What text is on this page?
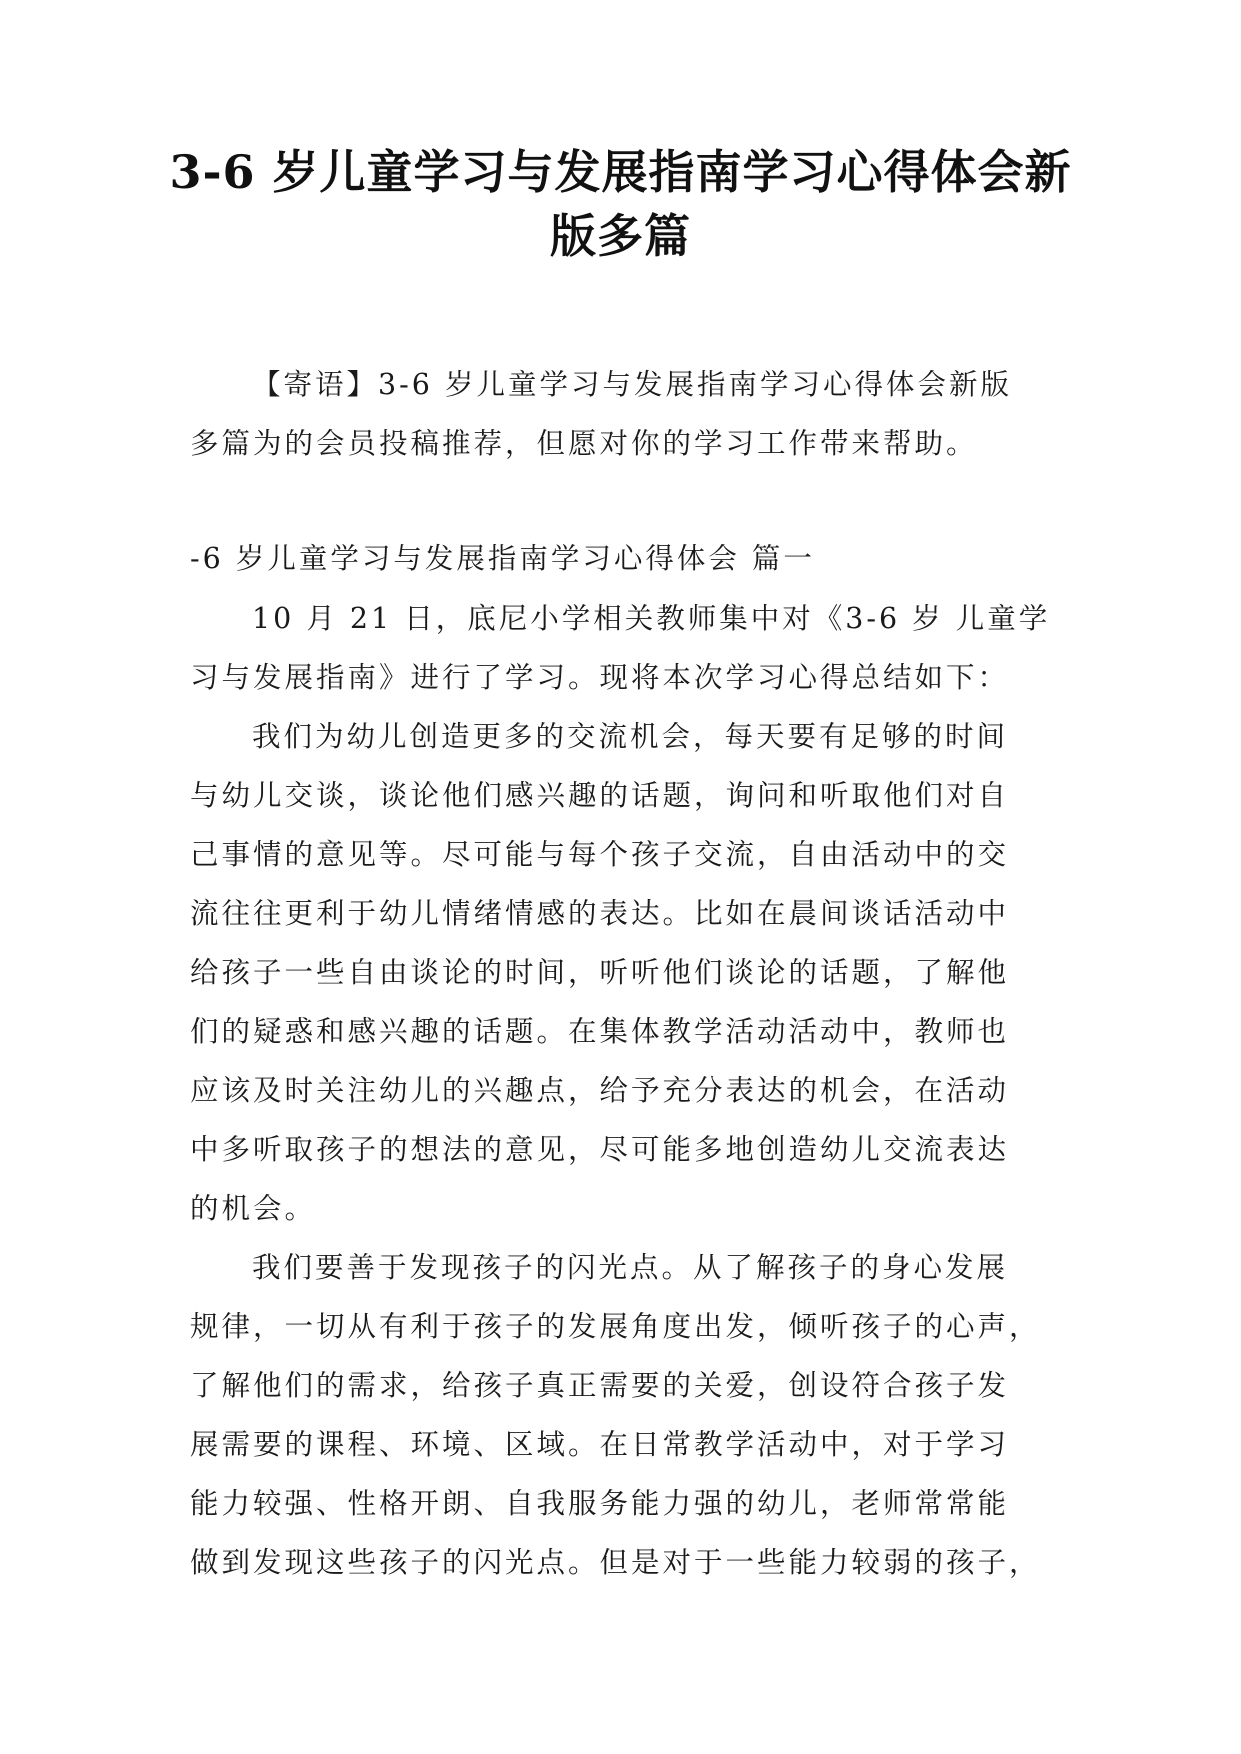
3-6 岁儿童学习与发展指南学习心得体会新
版多篇
【寄语】3-6 岁儿童学习与发展指南学习心得体会新版
多篇为的会员投稿推荐，但愿对你的学习工作带来帮助。
-6 岁儿童学习与发展指南学习心得体会 篇一
10 月 21 日，底尼小学相关教师集中对《3-6 岁 儿童学
习与发展指南》进行了学习。现将本次学习心得总结如下：
我们为幼儿创造更多的交流机会，每天要有足够的时间
与幼儿交谈，谈论他们感兴趣的话题，询问和听取他们对自
己事情的意见等。尽可能与每个孩子交流，自由活动中的交
流往往更利于幼儿情绪情感的表达。比如在晨间谈话活动中
给孩子一些自由谈论的时间，听听他们谈论的话题，了解他
们的疑惑和感兴趣的话题。在集体教学活动活动中，教师也
应该及时关注幼儿的兴趣点，给予充分表达的机会，在活动
中多听取孩子的想法的意见，尽可能多地创造幼儿交流表达
的机会。
我们要善于发现孩子的闪光点。从了解孩子的身心发展
规律，一切从有利于孩子的发展角度出发，倾听孩子的心声，
了解他们的需求，给孩子真正需要的关爱，创设符合孩子发
展需要的课程、环境、区域。在日常教学活动中，对于学习
能力较强、性格开朗、自我服务能力强的幼儿，老师常常能
做到发现这些孩子的闪光点。但是对于一些能力较弱的孩子，
